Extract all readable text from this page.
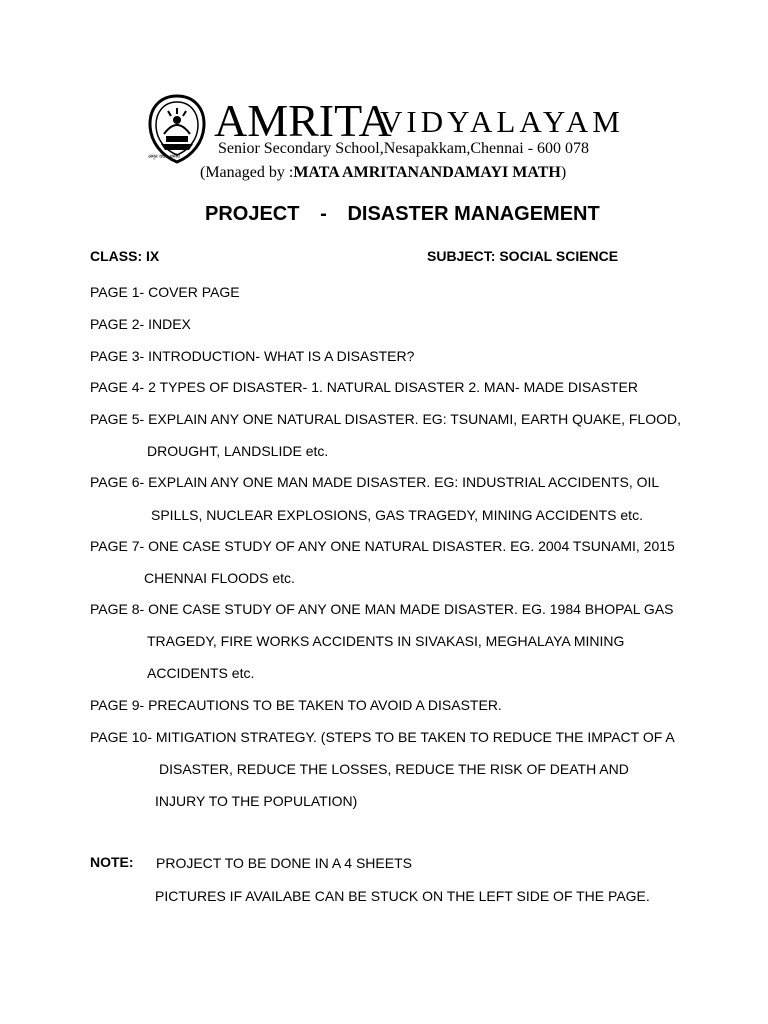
अमृत वचन धर्माय
AMRITA
VIDYALAYAM
Senior Secondary School,Nesapakkam,Chennai - 600 078
(Managed by :MATA AMRITANANDAMAYI MATH)
PROJECT - DISASTER MANAGEMENT
CLASS: IX	SUBJECT: SOCIAL SCIENCE
PAGE 1- COVER PAGE
PAGE 2- INDEX
PAGE 3- INTRODUCTION- WHAT IS A DISASTER?
PAGE 4- 2 TYPES OF DISASTER- 1. NATURAL DISASTER 2. MAN- MADE DISASTER
PAGE 5- EXPLAIN ANY ONE NATURAL DISASTER. EG: TSUNAMI, EARTH QUAKE, FLOOD,
DROUGHT, LANDSLIDE etc.
PAGE 6- EXPLAIN ANY ONE MAN MADE DISASTER. EG: INDUSTRIAL ACCIDENTS, OIL
SPILLS, NUCLEAR EXPLOSIONS, GAS TRAGEDY, MINING ACCIDENTS etc.
PAGE 7- ONE CASE STUDY OF ANY ONE NATURAL DISASTER. EG. 2004 TSUNAMI, 2015
CHENNAI FLOODS etc.
PAGE 8- ONE CASE STUDY OF ANY ONE MAN MADE DISASTER. EG. 1984 BHOPAL GAS
TRAGEDY, FIRE WORKS ACCIDENTS IN SIVAKASI, MEGHALAYA MINING
ACCIDENTS etc.
PAGE 9- PRECAUTIONS TO BE TAKEN TO AVOID A DISASTER.
PAGE 10- MITIGATION STRATEGY. (STEPS TO BE TAKEN TO REDUCE THE IMPACT OF A
DISASTER, REDUCE THE LOSSES, REDUCE THE RISK OF DEATH AND
INJURY TO THE POPULATION)
NOTE: PROJECT TO BE DONE IN A 4 SHEETS
PICTURES IF AVAILABE CAN BE STUCK ON THE LEFT SIDE OF THE PAGE.
